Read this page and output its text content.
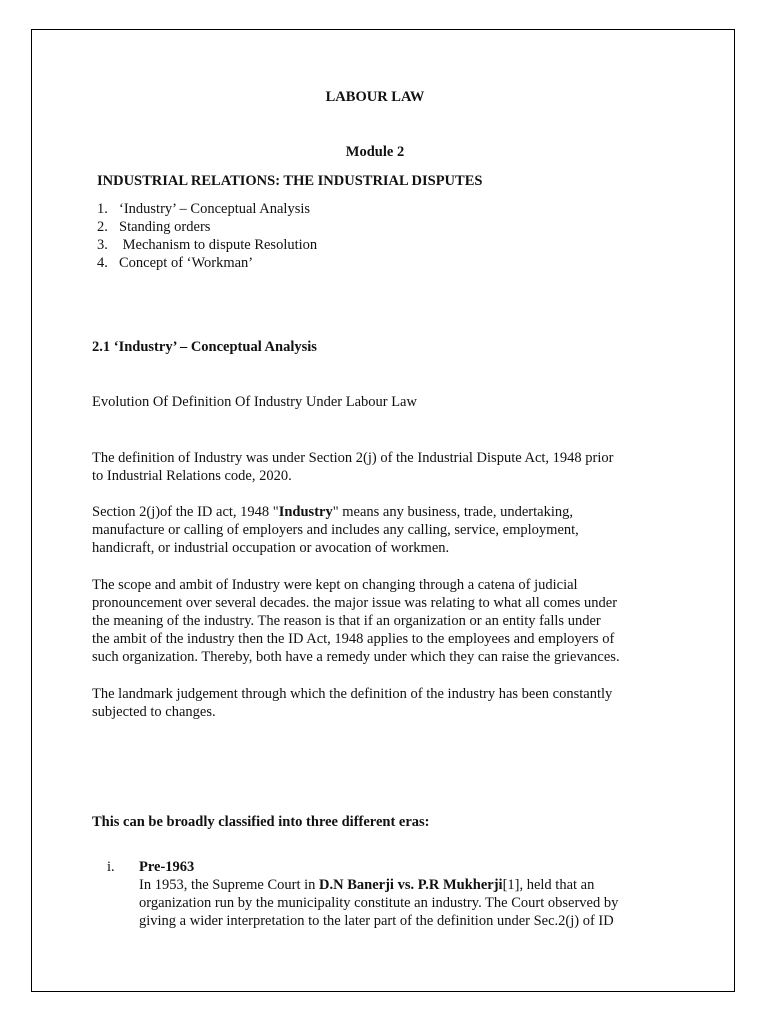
LABOUR LAW
Module 2
INDUSTRIAL RELATIONS: THE INDUSTRIAL DISPUTES
1. ‘Industry’ – Conceptual Analysis
2. Standing orders
3. Mechanism to dispute Resolution
4. Concept of ‘Workman’
2.1 ‘Industry’ – Conceptual Analysis
Evolution Of Definition Of Industry Under Labour Law
The definition of Industry was under Section 2(j) of the Industrial Dispute Act, 1948 prior
to Industrial Relations code, 2020.
Section 2(j)of the ID act, 1948 "Industry" means any business, trade, undertaking,
manufacture or calling of employers and includes any calling, service, employment,
handicraft, or industrial occupation or avocation of workmen.
The scope and ambit of Industry were kept on changing through a catena of judicial
pronouncement over several decades. the major issue was relating to what all comes under
the meaning of the industry. The reason is that if an organization or an entity falls under
the ambit of the industry then the ID Act, 1948 applies to the employees and employers of
such organization. Thereby, both have a remedy under which they can raise the grievances.
The landmark judgement through which the definition of the industry has been constantly
subjected to changes.
This can be broadly classified into three different eras:
i. Pre-1963
In 1953, the Supreme Court in D.N Banerji vs. P.R Mukherji[1], held that an
organization run by the municipality constitute an industry. The Court observed by
giving a wider interpretation to the later part of the definition under Sec.2(j) of ID
